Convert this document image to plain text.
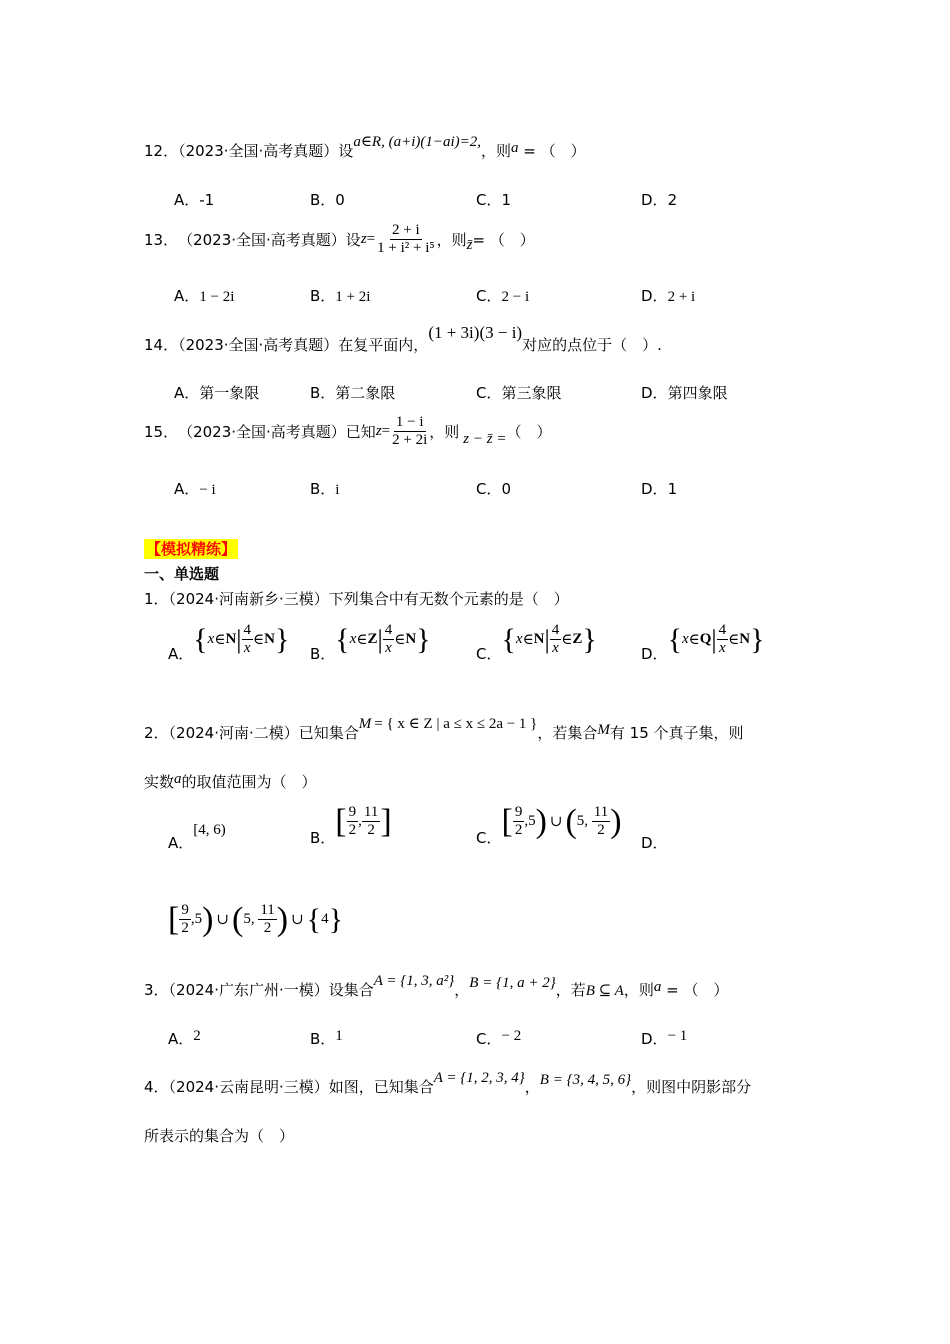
12．（2023·全国·高考真题）设a∈R, (a+i)(1−ai)=2,，则a = （　）
A．-1	B．0	C．1	D．2
13． （2023·全国·高考真题）设 $z = \frac{2 + i}{\text{1 + i² + i⁵}}$ ，则 z̄ = （　）
A．1 − 2i	B．1 + 2i	C．2 − i	D．2 + i
14．（2023·全国·高考真题）在复平面内，(1 + 3i)(3 − i)对应的点位于（　）.
A．第一象限	B．第二象限	C．第三象限	D．第四象限
15． （2023·全国·高考真题）已知 $z = \frac{1 - i}{2 + 2i}$ ，则 z − z̄ = （　）
A．− i	B．i	C．0	D．1
【模拟精练】
一、单选题
1．（2024·河南新乡·三模）下列集合中有无数个元素的是（　）
A． { x ∈ N | $\frac{4}{x}$ ∈ N } B． { x ∈ Z | $\frac{4}{x}$ ∈ N }	C． { x ∈ N | $\frac{4}{x}$ ∈ Z }	D． { x ∈ Q | $\frac{4}{x}$ ∈ N }
2．（2024·河南·二模）已知集合M = { x ∈ Z | a ≤ x ≤ 2a − 1 }，若集合M有 15 个真子集，则
实数a的取值范围为（　）
A．
[4, 6)	B． [ $\frac{9}{2}$ , $\frac{11}{2}$ ]	C． [ $\frac{9}{2}$ , 5 ) ∪ ( 5 , $\frac{11}{2}$ )
D．
[ $\frac{9}{2}$ , 5 ) ∪ ( 5 , $\frac{11}{2}$ ) ∪ { 4 }
3．（2024·广东广州·一模）设集合A = {1, 3, a²}，B = {1, a + 2}，若B ⊆ A，则a = （　）
A．2	B．1	C．− 2	D．− 1
4．（2024·云南昆明·三模）如图，已知集合A = {1, 2, 3, 4}，B = {3, 4, 5, 6}，则图中阴影部分
所表示的集合为（　）
